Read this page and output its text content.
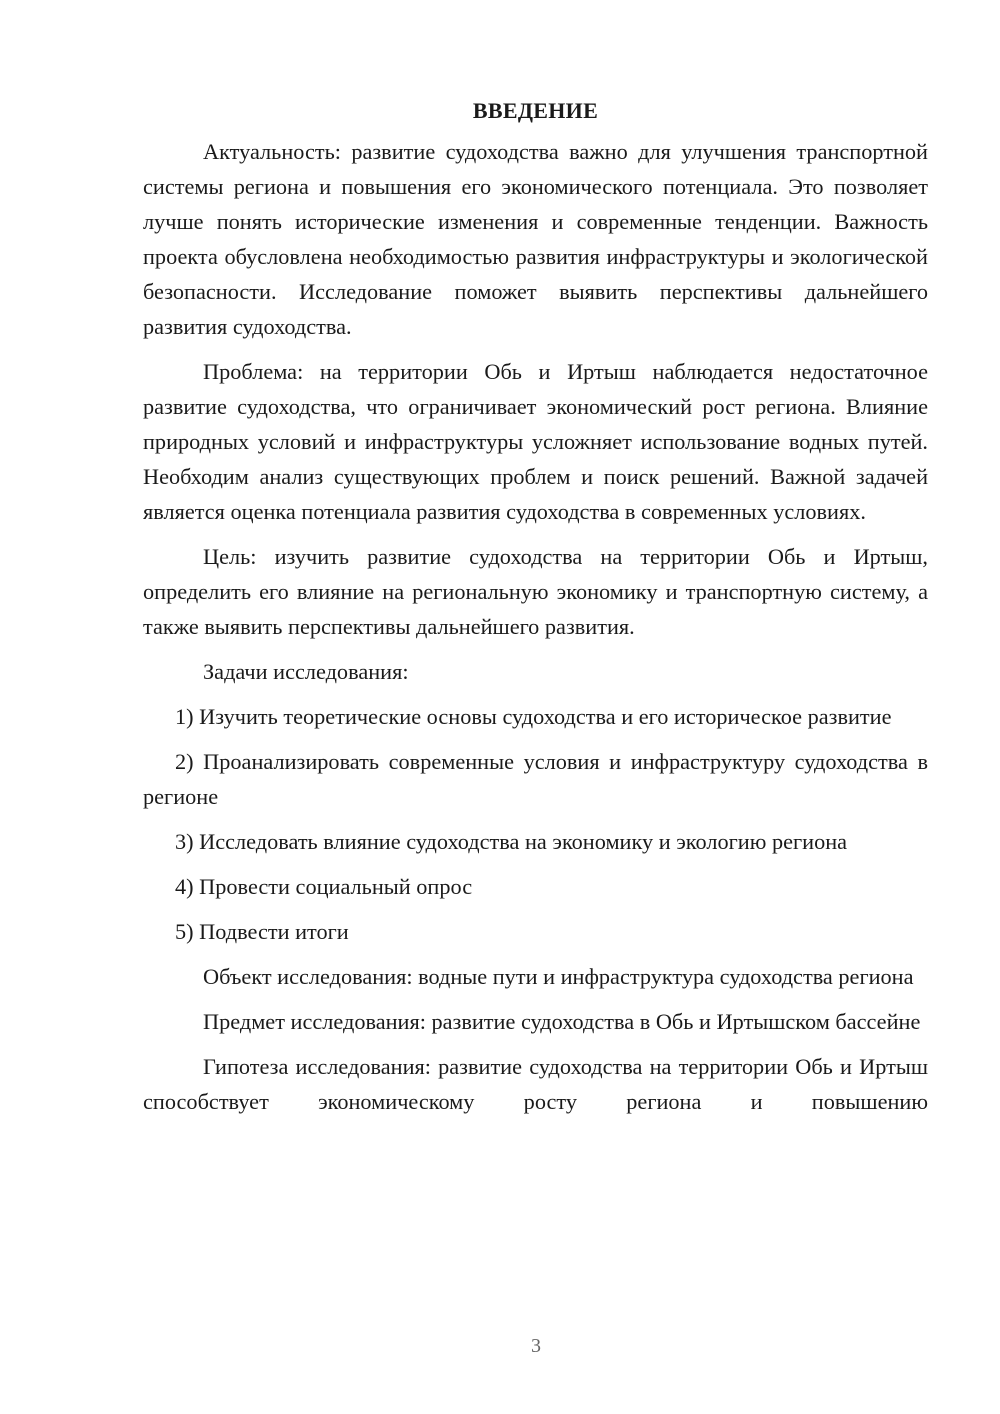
ВВЕДЕНИЕ

Актуальность: развитие судоходства важно для улучшения транспортной системы региона и повышения его экономического потенциала. Это позволяет лучше понять исторические изменения и современные тенденции. Важность проекта обусловлена необходимостью развития инфраструктуры и экологической безопасности. Исследование поможет выявить перспективы дальнейшего развития судоходства.

Проблема: на территории Обь и Иртыш наблюдается недостаточное развитие судоходства, что ограничивает экономический рост региона. Влияние природных условий и инфраструктуры усложняет использование водных путей. Необходим анализ существующих проблем и поиск решений. Важной задачей является оценка потенциала развития судоходства в современных условиях.

Цель: изучить развитие судоходства на территории Обь и Иртыш, определить его влияние на региональную экономику и транспортную систему, а также выявить перспективы дальнейшего развития.

Задачи исследования:

1) Изучить теоретические основы судоходства и его историческое развитие

2) Проанализировать современные условия и инфраструктуру судоходства в регионе

3) Исследовать влияние судоходства на экономику и экологию региона

4) Провести социальный опрос

5) Подвести итоги

Объект исследования: водные пути и инфраструктура судоходства региона

Предмет исследования: развитие судоходства в Обь и Иртышском бассейне

Гипотеза исследования: развитие судоходства на территории Обь и Иртыш способствует экономическому росту региона и повышению

3
